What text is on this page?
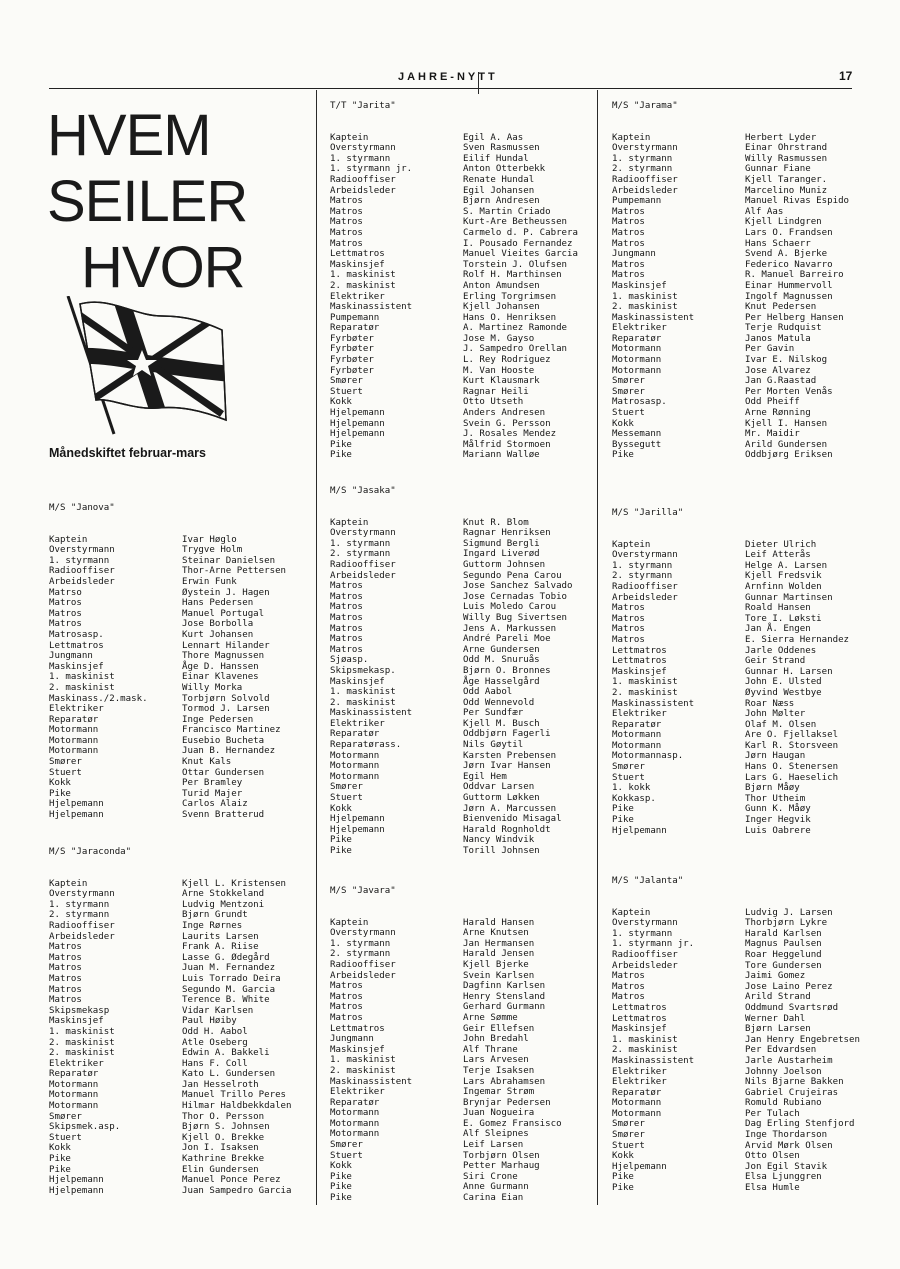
JAHRE-NYTT	17
HVEM
SEILER
HVOR
Månedskiftet februar-mars
M/S "Janova"
Kaptein	Ivar Høglo
Overstyrmann	Trygve Holm
1. styrmann	Steinar Danielsen
Radiooffiser	Thor-Arne Pettersen
Arbeidsleder	Erwin Funk
Matrso	Øystein J. Hagen
Matros	Hans Pedersen
Matros	Manuel Portugal
Matros	Jose Borbolla
Matrosasp.	Kurt Johansen
Lettmatros	Lennart Hilander
Jungmann	Thore Magnussen
Maskinsjef	Åge D. Hanssen
1. maskinist	Einar Klavenes
2. maskinist	Willy Morka
Maskinass./2.mask.	Torbjørn Solvold
Elektriker	Tormod J. Larsen
Reparatør	Inge Pedersen
Motormann	Francisco Martinez
Motormann	Eusebio Bucheta
Motormann	Juan B. Hernandez
Smører	Knut Kals
Stuert	Ottar Gundersen
Kokk	Per Bramley
Pike	Turid Majer
Hjelpemann	Carlos Alaiz
Hjelpemann	Svenn Bratterud
M/S "Jaraconda"
Kaptein	Kjell L. Kristensen
Overstyrmann	Arne Stokkeland
1. styrmann	Ludvig Mentzoni
2. styrmann	Bjørn Grundt
Radiooffiser	Inge Rørnes
Arbeidsleder	Laurits Larsen
Matros	Frank A. Riise
Matros	Lasse G. Ødegård
Matros	Juan M. Fernandez
Matros	Luis Torrado Deira
Matros	Segundo M. Garcia
Matros	Terence B. White
Skipsmekasp	Vidar Karlsen
Maskinsjef	Paul Høiby
1. maskinist	Odd H. Aabol
2. maskinist	Atle Oseberg
2. maskinist	Edwin A. Bakkeli
Elektriker	Hans F. Coll
Reparatør	Kato L. Gundersen
Motormann	Jan Hesselroth
Motormann	Manuel Trillo Peres
Motormann	Hilmar Haldbekkdalen
Smører	Thor O. Persson
Skipsmek.asp.	Bjørn S. Johnsen
Stuert	Kjell O. Brekke
Kokk	Jon I. Isaksen
Pike	Kathrine Brekke
Pike	Elin Gundersen
Hjelpemann	Manuel Ponce Perez
Hjelpemann	Juan Sampedro Garcia
T/T "Jarita"
Kaptein	Egil A. Aas
Overstyrmann	Sven Rasmussen
1. styrmann	Eilif Hundal
1. styrmann jr.	Anton Otterbekk
Radiooffiser	Renate Hundal
Arbeidsleder	Egil Johansen
Matros	Bjørn Andresen
Matros	S. Martin Criado
Matros	Kurt-Are Betheussen
Matros	Carmelo d. P. Cabrera
Matros	I. Pousado Fernandez
Lettmatros	Manuel Vieites Garcia
Maskinsjef	Torstein J. Olufsen
1. maskinist	Rolf H. Marthinsen
2. maskinist	Anton Amundsen
Elektriker	Erling Torgrimsen
Maskinassistent	Kjell Johansen
Pumpemann	Hans O. Henriksen
Reparatør	A. Martinez Ramonde
Fyrbøter	Jose M. Gayso
Fyrbøter	J. Sampedro Orellan
Fyrbøter	L. Rey Rodriguez
Fyrbøter	M. Van Hooste
Smører	Kurt Klausmark
Stuert	Ragnar Heili
Kokk	Otto Utseth
Hjelpemann	Anders Andresen
Hjelpemann	Svein G. Persson
Hjelpemann	J. Rosales Mendez
Pike	Målfrid Stormoen
Pike	Mariann Walløe
M/S "Jasaka"
Kaptein	Knut R. Blom
Overstyrmann	Ragnar Henriksen
1. styrmann	Sigmund Bergli
2. styrmann	Ingard Liverød
Radiooffiser	Guttorm Johnsen
Arbeidsleder	Segundo Pena Carou
Matros	Jose Sanchez Salvado
Matros	Jose Cernadas Tobio
Matros	Luis Moledo Carou
Matros	Willy Bug Sivertsen
Matros	Jens A. Markussen
Matros	André Pareli Moe
Matros	Arne Gundersen
Sjøasp.	Odd M. Snuruås
Skipsmekasp.	Bjørn O. Bronnes
Maskinsjef	Åge Hasselgård
1. maskinist	Odd Aabol
2. maskinist	Odd Wennevold
Maskinassistent	Per Sundfær
Elektriker	Kjell M. Busch
Reparatør	Oddbjørn Fagerli
Reparatørass.	Nils Gøytil
Motormann	Karsten Prebensen
Motormann	Jørn Ivar Hansen
Motormann	Egil Hem
Smører	Oddvar Larsen
Stuert	Guttorm Løkken
Kokk	Jørn A. Marcussen
Hjelpemann	Bienvenido Misagal
Hjelpemann	Harald Rognholdt
Pike	Nancy Windvik
Pike	Torill Johnsen
M/S "Javara"
Kaptein	Harald Hansen
Overstyrmann	Arne Knutsen
1. styrmann	Jan Hermansen
2. styrmann	Harald Jensen
Radiooffiser	Kjell Bjerke
Arbeidsleder	Svein Karlsen
Matros	Dagfinn Karlsen
Matros	Henry Stensland
Matros	Gerhard Gurmann
Matros	Arne Sømme
Lettmatros	Geir Ellefsen
Jungmann	John Bredahl
Maskinsjef	Alf Thrane
1. maskinist	Lars Arvesen
2. maskinist	Terje Isaksen
Maskinassistent	Lars Abrahamsen
Elektriker	Ingemar Strøm
Reparatør	Brynjar Pedersen
Motormann	Juan Nogueira
Motormann	E. Gomez Fransisco
Motormann	Alf Sleipnes
Smører	Leif Larsen
Stuert	Torbjørn Olsen
Kokk	Petter Marhaug
Pike	Siri Crone
Pike	Anne Gurmann
Pike	Carina Eian
M/S "Jarama"
Kaptein	Herbert Lyder
Overstyrmann	Einar Ohrstrand
1. styrmann	Willy Rasmussen
2. styrmann	Gunnar Fiane
Radiooffiser	Kjell Taranger.
Arbeidsleder	Marcelino Muniz
Pumpemann	Manuel Rivas Espido
Matros	Alf Aas
Matros	Kjell Lindgren
Matros	Lars O. Frandsen
Matros	Hans Schaerr
Jungmann	Svend A. Bjerke
Matros	Federico Navarro
Matros	R. Manuel Barreiro
Maskinsjef	Einar Hummervoll
1. maskinist	Ingolf Magnussen
2. maskinist	Knut Pedersen
Maskinassistent	Per Helberg Hansen
Elektriker	Terje Rudquist
Reparatør	Janos Matula
Motormann	Per Gavin
Motormann	Ivar E. Nilskog
Motormann	Jose Alvarez
Smører	Jan G.Raastad
Smører	Per Morten Venås
Matrosasp.	Odd Pheiff
Stuert	Arne Rønning
Kokk	Kjell I. Hansen
Messemann	Mr. Maidir
Byssegutt	Arild Gundersen
Pike	Oddbjørg Eriksen
M/S "Jarilla"
Kaptein	Dieter Ulrich
Overstyrmann	Leif Atterås
1. styrmann	Helge A. Larsen
2. styrmann	Kjell Fredsvik
Radiooffiser	Arnfinn Wolden
Arbeidsleder	Gunnar Martinsen
Matros	Roald Hansen
Matros	Tore I. Løksti
Matros	Jan Å. Engen
Matros	E. Sierra Hernandez
Lettmatros	Jarle Oddenes
Lettmatros	Geir Strand
Maskinsjef	Gunnar H. Larsen
1. maskinist	John E. Ulsted
2. maskinist	Øyvind Westbye
Maskinassistent	Roar Næss
Elektriker	John Mølter
Reparatør	Olaf M. Olsen
Motormann	Are O. Fjellaksel
Motormann	Karl R. Storsveen
Motormannasp.	Jørn Haugan
Smører	Hans O. Stenersen
Stuert	Lars G. Haeselich
1. kokk	Bjørn Måøy
Kokkasp.	Thor Utheim
Pike	Gunn K. Måøy
Pike	Inger Hegvik
Hjelpemann	Luis Oabrere
M/S "Jalanta"
Kaptein	Ludvig J. Larsen
Overstyrmann	Thorbjørn Lykre
1. styrmann	Harald Karlsen
1. styrmann jr.	Magnus Paulsen
Radiooffiser	Roar Heggelund
Arbeidsleder	Tore Gundersen
Matros	Jaimi Gomez
Matros	Jose Laino Perez
Matros	Arild Strand
Lettmatros	Oddmund Svartsrød
Lettmatros	Werner Dahl
Maskinsjef	Bjørn Larsen
1. maskinist	Jan Henry Engebretsen
2. maskinist	Per Edvardsen
Maskinassistent	Jarle Austarheim
Elektriker	Johnny Joelson
Elektriker	Nils Bjarne Bakken
Reparatør	Gabriel Crujeiras
Motormann	Romuld Rubiano
Motormann	Per Tulach
Smører	Dag Erling Stenfjord
Smører	Inge Thordarson
Stuert	Arvid Mørk Olsen
Kokk	Otto Olsen
Hjelpemann	Jon Egil Stavik
Pike	Elsa Ljunggren
Pike	Elsa Humle
